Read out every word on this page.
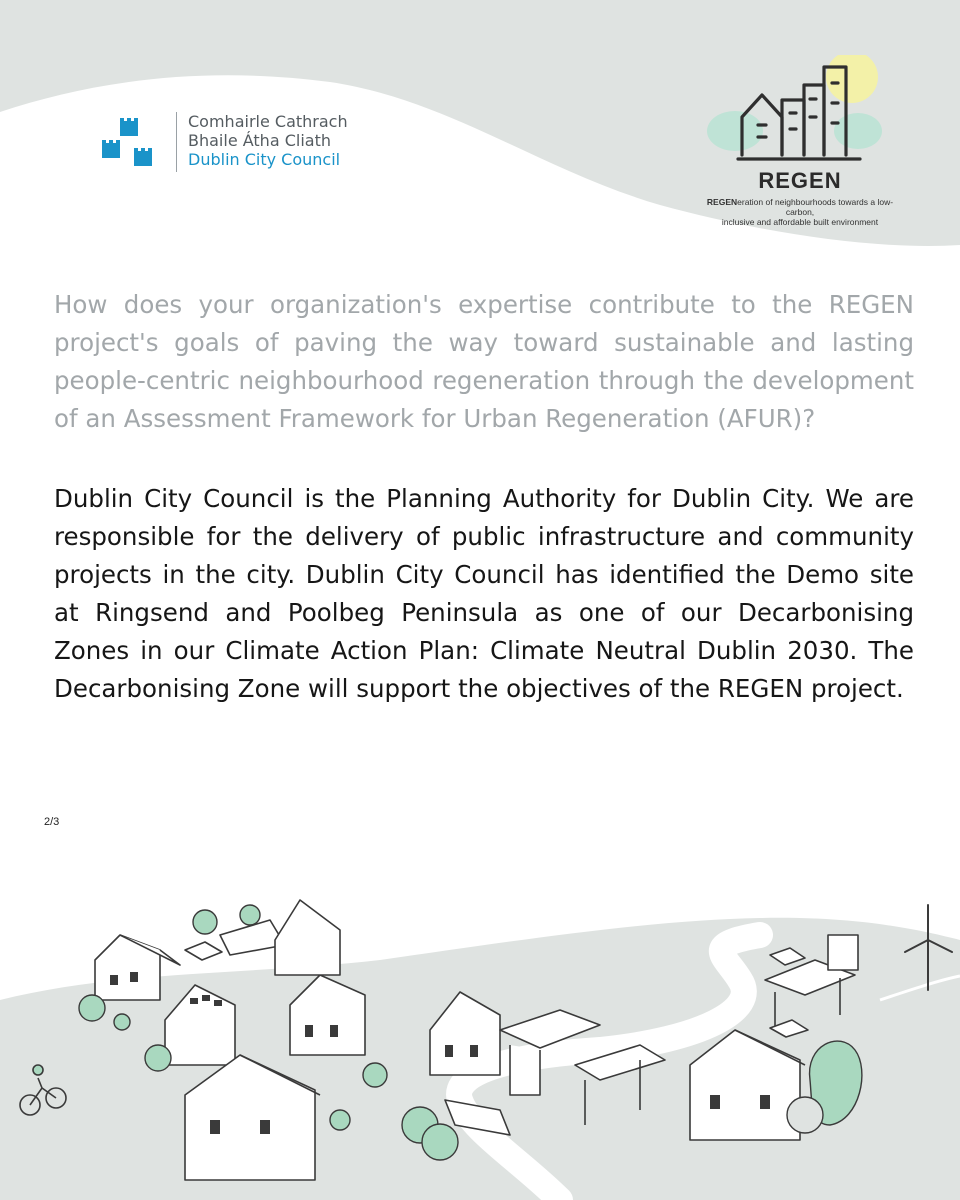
Comhairle Cathrach
Bhaile Átha Cliath
Dublin City Council
REGEN
REGENeration of neighbourhoods towards a low-carbon,
inclusive and affordable built environment

How does your organization's expertise contribute to the REGEN project's goals of paving the way toward sustainable and lasting people-centric neighbourhood regeneration through the development of an Assessment Framework for Urban Regeneration (AFUR)?

Dublin City Council is the Planning Authority for Dublin City. We are responsible for the delivery of public infrastructure and community projects in the city. Dublin City Council has identified the Demo site at Ringsend and Poolbeg Peninsula as one of our Decarbonising Zones in our Climate Action Plan: Climate Neutral Dublin 2030. The Decarbonising Zone will support the objectives of the REGEN project.

2/3
